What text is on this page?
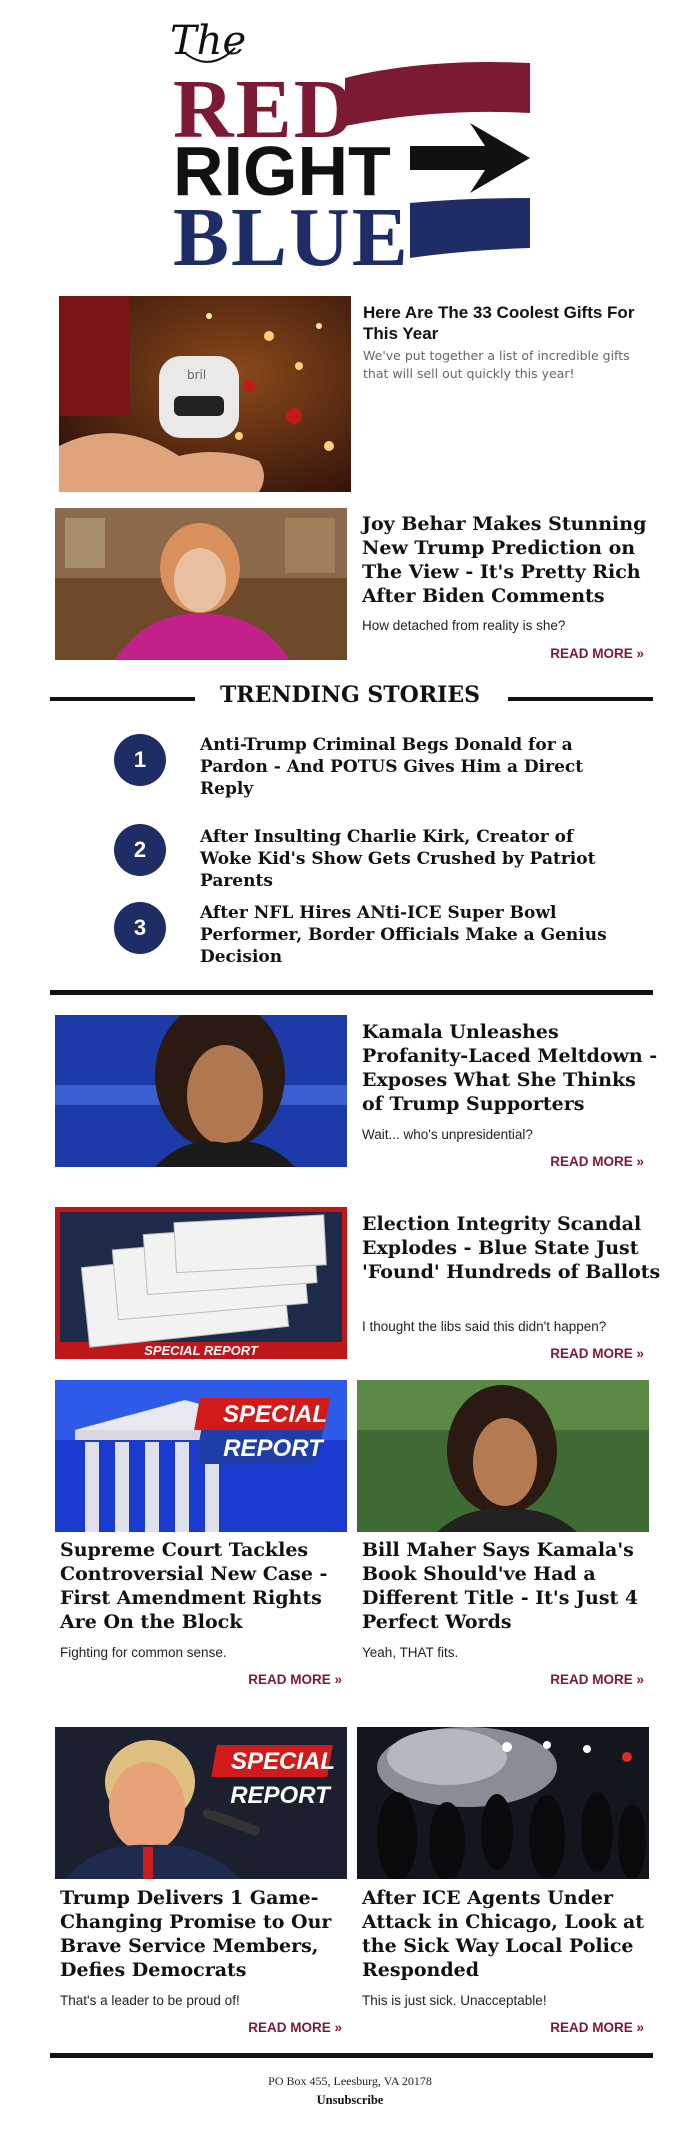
The
RED
RIGHT
BLUE
bril
Here Are The 33 Coolest Gifts For This Year
We've put together a list of incredible gifts that will sell out quickly this year!
Joy Behar Makes Stunning New Trump Prediction on The View - It's Pretty Rich After Biden Comments
How detached from reality is she?
READ MORE »
TRENDING STORIES
1
Anti-Trump Criminal Begs Donald for a Pardon - And POTUS Gives Him a Direct Reply
2	After Insulting Charlie Kirk, Creator of Woke Kid's Show Gets Crushed by Patriot Parents
3
After NFL Hires ANti-ICE Super Bowl Performer, Border Officials Make a Genius Decision
Kamala Unleashes Profanity-Laced Meltdown - Exposes What She Thinks of Trump Supporters
Wait... who's unpresidential?
READ MORE »
SPECIAL REPORT
Election Integrity Scandal Explodes - Blue State Just 'Found' Hundreds of Ballots
I thought the libs said this didn't happen?
READ MORE »
SPECIAL
REPORT
Supreme Court Tackles Controversial New Case - First Amendment Rights Are On the Block
Fighting for common sense.
READ MORE »
Bill Maher Says Kamala's Book Should've Had a Different Title - It's Just 4 Perfect Words
Yeah, THAT fits.
READ MORE »
SPECIAL
REPORT
Trump Delivers 1 Game-Changing Promise to Our Brave Service Members, Defies Democrats
That's a leader to be proud of!
READ MORE »
After ICE Agents Under Attack in Chicago, Look at the Sick Way Local Police Responded
This is just sick. Unacceptable!
READ MORE »
PO Box 455, Leesburg, VA 20178
Unsubscribe
